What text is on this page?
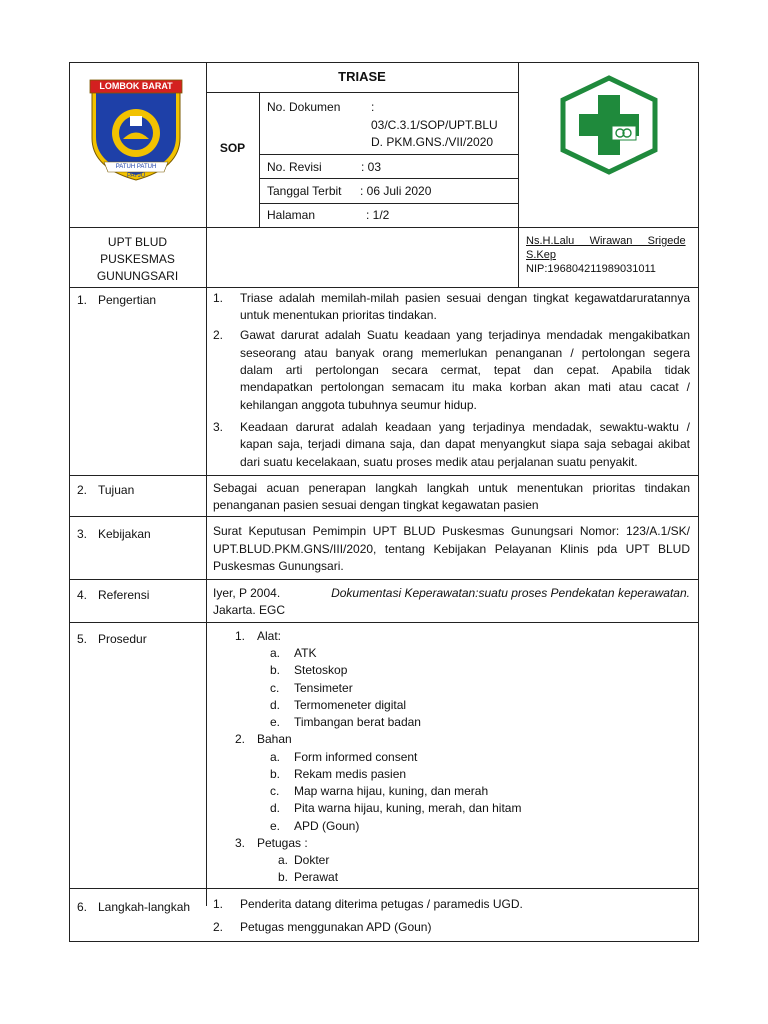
LOMBOK BARAT
PATUH PATUH PATJU
TRIASE
SOP
No. Dokumen	:
03/C.3.1/SOP/UPT.BLU
D. PKM.GNS./VII/2020
No. Revisi	: 03
Tanggal Terbit : 06 Juli 2020
Halaman	: 1/2
UPT BLUD
PUSKESMAS
GUNUNGSARI
Ns.H.Lalu     Wirawan     Srigede
S.Kep
NIP:196804211989031011
1. Pengertian	1. Triase adalah memilah-milah pasien sesuai dengan tingkat kegawatdaruratannya
untuk menentukan prioritas tindakan.
2. Gawat darurat adalah Suatu keadaan yang terjadinya mendadak mengakibatkan
seseorang atau banyak orang memerlukan penanganan / pertolongan segera
dalam arti pertolongan secara cermat, tepat dan cepat. Apabila tidak
mendapatkan pertolongan semacam itu maka korban akan mati atau cacat /
kehilangan anggota tubuhnya seumur hidup.
3. Keadaan darurat adalah keadaan yang terjadinya mendadak, sewaktu-waktu /
kapan saja, terjadi dimana saja, dan dapat menyangkut siapa saja sebagai akibat
dari suatu kecelakaan, suatu proses medik atau perjalanan suatu penyakit.
2. Tujuan	Sebagai acuan penerapan langkah langkah untuk menentukan prioritas tindakan
penanganan pasien sesuai dengan tingkat kegawatan pasien
3. Kebijakan	Surat Keputusan Pemimpin UPT BLUD Puskesmas Gunungsari Nomor: 123/A.1/SK/
UPT.BLUD.PKM.GNS/III/2020, tentang Kebijakan Pelayanan Klinis pda UPT BLUD
Puskesmas Gunungsari.
4. Referensi	Iyer, P 2004.	Dokumentasi Keperawatan:suatu proses Pendekatan keperawatan.
Jakarta. EGC
5. Prosedur	1. Alat:
a. ATK
b. Stetoskop
c. Tensimeter
d. Termomeneter digital
e. Timbangan berat badan
2. Bahan
a. Form informed consent
b. Rekam medis pasien
c. Map warna hijau, kuning, dan merah
d. Pita warna hijau, kuning, merah, dan hitam
e. APD (Goun)
3. Petugas :
a. Dokter
b. Perawat
6. Langkah-langkah 1. Penderita datang diterima petugas / paramedis UGD.
2. Petugas menggunakan APD (Goun)
